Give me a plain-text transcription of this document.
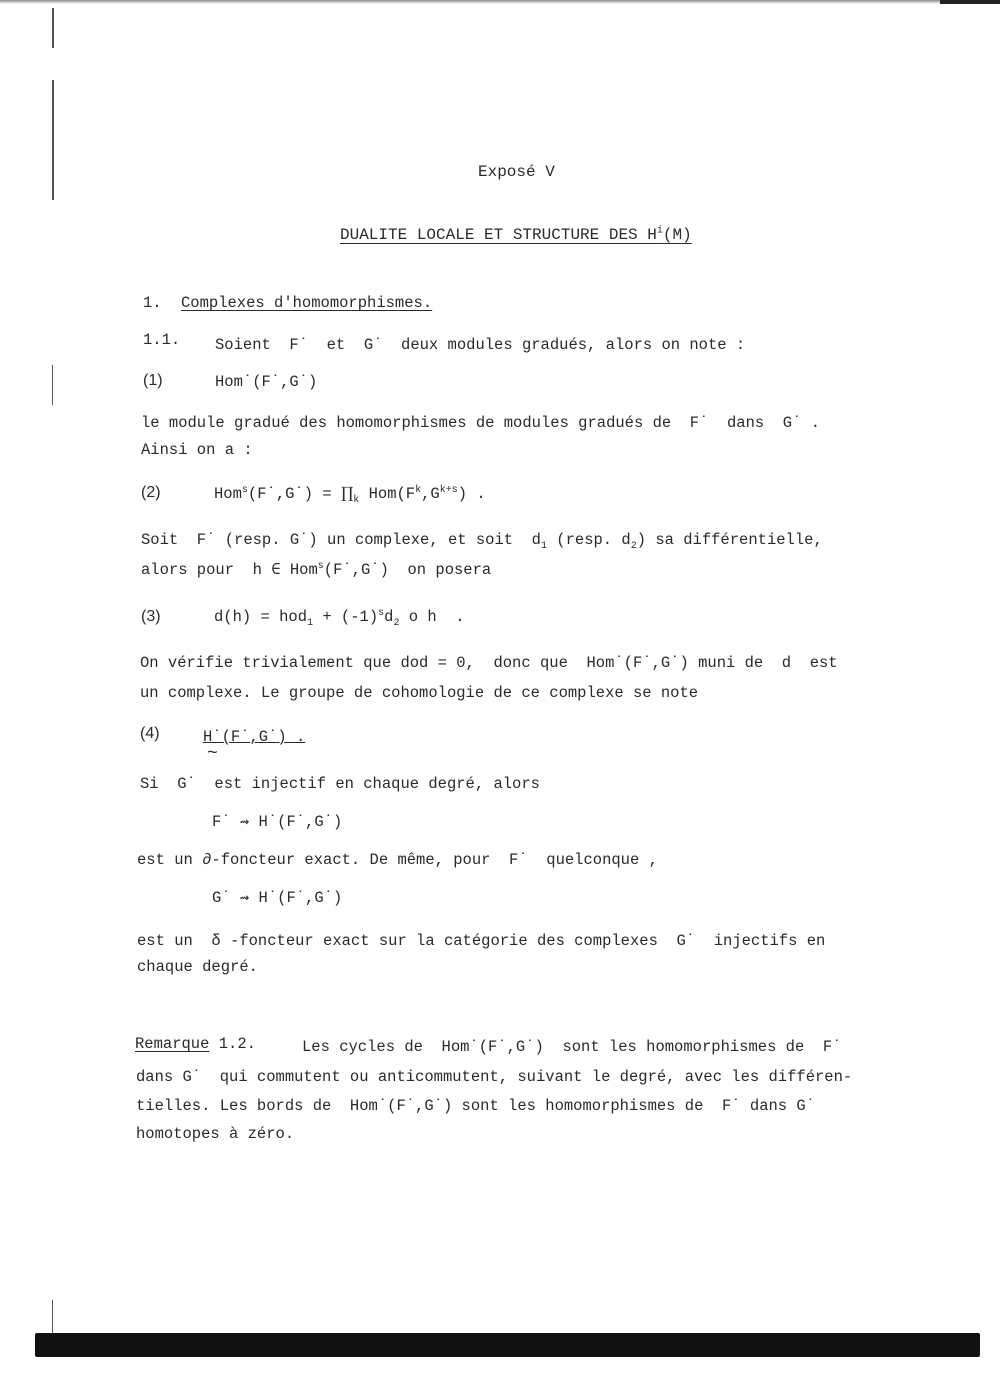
Exposé V
DUALITE LOCALE ET STRUCTURE DES $H^i(M)$
1. Complexes d'homomorphismes.
1.1. Soient  F˙  et  G˙  deux modules gradués, alors on note :
(1)	Hom˙(F˙,G˙)
le module gradué des homomorphismes de modules gradués de  F˙  dans  G˙ .
Ainsi on a :
(2)	Hom$^s$(F˙,G˙) = $\prod_k$ $Hom(F^k,G^{k+s})$ .
Soit  F˙ (resp. G˙) un complexe, et soit  $d_1$ (resp. $d_2$) sa différentielle,
alors pour  h ∈ Hom$^s$(F˙,G˙)  on posera
(3)	$d(h) = hod_1 + (-1)^sd_2$ o h  .
On vérifie trivialement que dod = 0,  donc que  Hom˙(F˙,G˙) muni de  d  est
un complexe. Le groupe de cohomologie de ce complexe se note
(4)	H˙(F˙,G˙) .
~
Si  G˙  est injectif en chaque degré, alors
F˙ ⇝ H˙(F˙,G˙)
est un ∂-foncteur exact. De même, pour  F˙  quelconque ,
G˙ ⇝ H˙(F˙,G˙)
est un  δ -foncteur exact sur la catégorie des complexes  G˙  injectifs en
chaque degré.
Remarque 1.2.	Les cycles de  Hom˙(F˙,G˙)  sont les homomorphismes de  F˙
dans G˙  qui commutent ou anticommutent, suivant le degré, avec les différen-
tielles. Les bords de  Hom˙(F˙,G˙) sont les homomorphismes de  F˙ dans G˙
homotopes à zéro.
